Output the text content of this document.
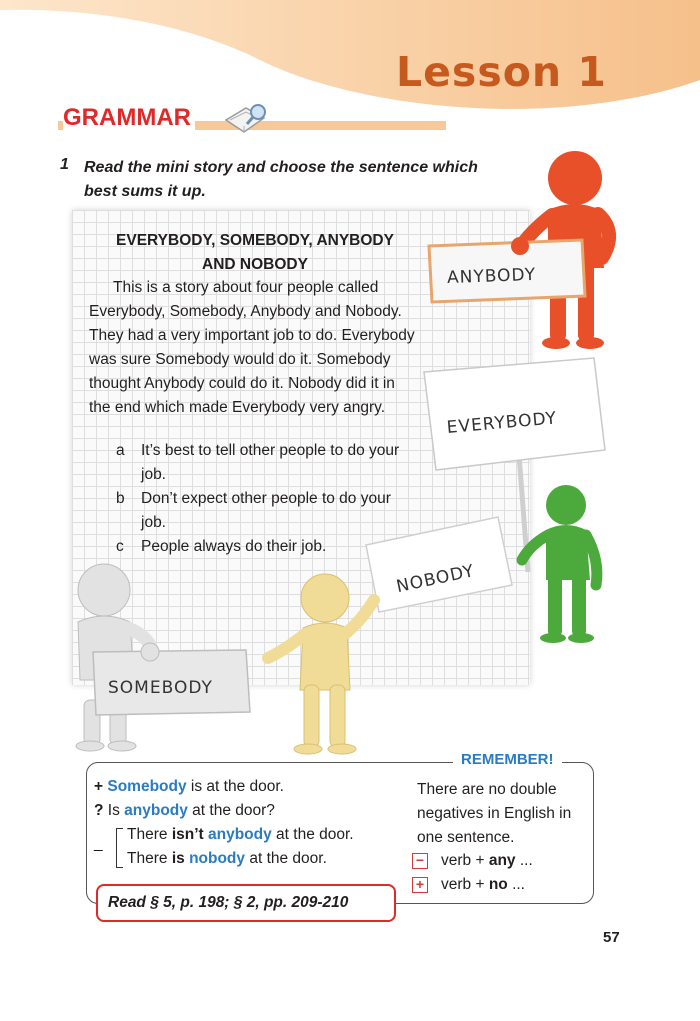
Lesson 1
GRAMMAR
1 Read the mini story and choose the sentence which best sums it up.
EVERYBODY, SOMEBODY, ANYBODY
AND NOBODY
This is a story about four people called Everybody, Somebody, Anybody and Nobody. They had a very important job to do. Everybody was sure Somebody would do it. Somebody thought Anybody could do it. Nobody did it in the end which made Everybody very angry.
a It’s best to tell other people to do your job.
b Don’t expect other people to do your job.
c People always do their job.
ANYBODY
EVERYBODY
NOBODY
SOMEBODY
REMEMBER!
+ Somebody is at the door.
? Is anybody at the door?
_
There isn’t anybody at the door.
There is nobody at the door.
There are no double negatives in English in one sentence.
− verb + any ...
+ verb + no ...
Read § 5, p. 198; § 2, pp. 209-210
57
